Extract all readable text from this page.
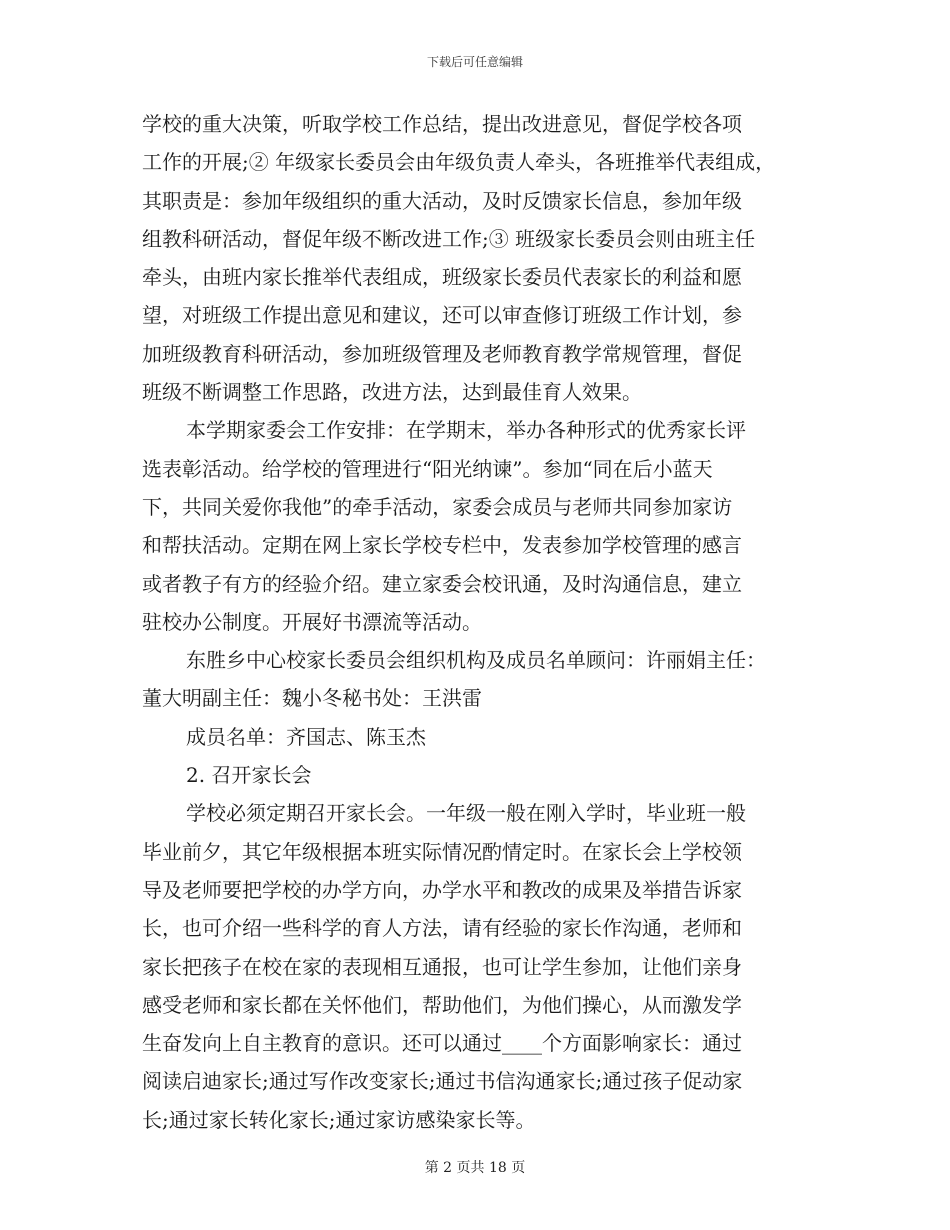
下载后可任意编辑
学校的重大决策，听取学校工作总结，提出改进意见，督促学校各项
工作的开展;② 年级家长委员会由年级负责人牵头，各班推举代表组成，
其职责是：参加年级组织的重大活动，及时反馈家长信息，参加年级
组教科研活动，督促年级不断改进工作;③ 班级家长委员会则由班主任
牵头，由班内家长推举代表组成，班级家长委员代表家长的利益和愿
望，对班级工作提出意见和建议，还可以审查修订班级工作计划，参
加班级教育科研活动，参加班级管理及老师教育教学常规管理，督促
班级不断调整工作思路，改进方法，达到最佳育人效果。
本学期家委会工作安排：在学期末，举办各种形式的优秀家长评
选表彰活动。给学校的管理进行“阳光纳谏”。参加“同在后小蓝天
下，共同关爱你我他”的牵手活动，家委会成员与老师共同参加家访
和帮扶活动。定期在网上家长学校专栏中，发表参加学校管理的感言
或者教子有方的经验介绍。建立家委会校讯通，及时沟通信息，建立
驻校办公制度。开展好书漂流等活动。
东胜乡中心校家长委员会组织机构及成员名单顾问：许丽娟主任：
董大明副主任：魏小冬秘书处：王洪雷
成员名单：齐国志、陈玉杰
2. 召开家长会
学校必须定期召开家长会。一年级一般在刚入学时，毕业班一般
毕业前夕，其它年级根据本班实际情况酌情定时。在家长会上学校领
导及老师要把学校的办学方向，办学水平和教改的成果及举措告诉家
长，也可介绍一些科学的育人方法，请有经验的家长作沟通，老师和
家长把孩子在校在家的表现相互通报，也可让学生参加，让他们亲身
感受老师和家长都在关怀他们，帮助他们，为他们操心，从而激发学
生奋发向上自主教育的意识。还可以通过____个方面影响家长：通过
阅读启迪家长;通过写作改变家长;通过书信沟通家长;通过孩子促动家
长;通过家长转化家长;通过家访感染家长等。
第 2 页共 18 页
